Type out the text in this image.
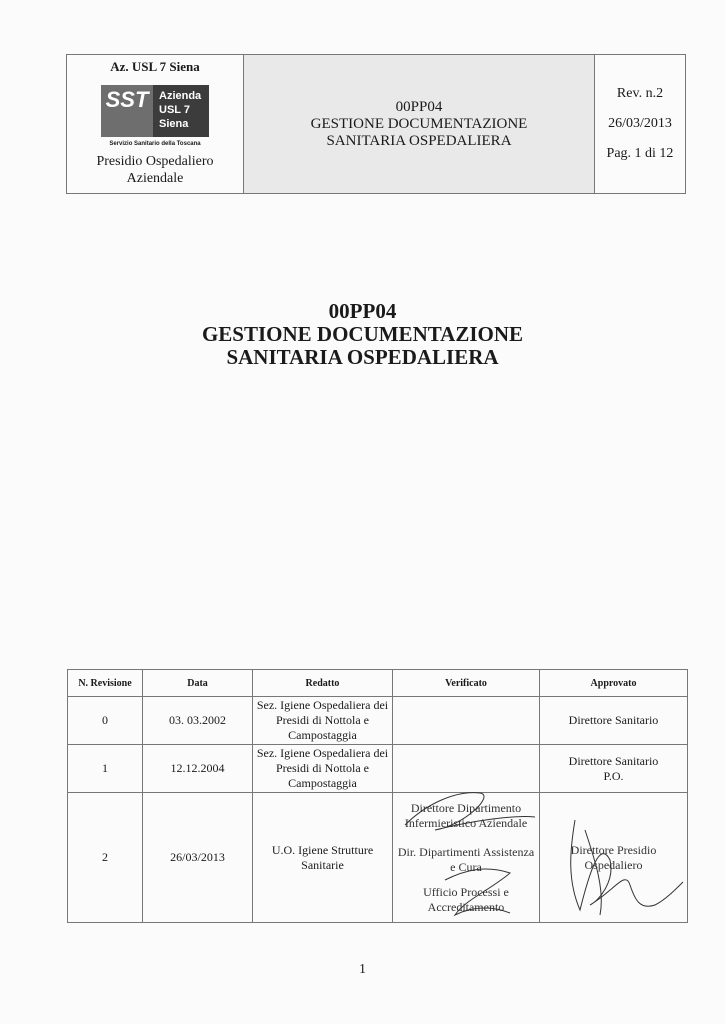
Az. USL 7 Siena
SST Azienda
USL 7
Siena
Servizio Sanitario della Toscana
Presidio Ospedaliero
Aziendale
00PP04
GESTIONE DOCUMENTAZIONE
SANITARIA OSPEDALIERA
Rev. n.2
26/03/2013
Pag. 1 di 12
00PP04
GESTIONE DOCUMENTAZIONE
SANITARIA OSPEDALIERA
N. Revisione	Data	Redatto	Verificato	Approvato
0	03. 03.2002	Sez. Igiene Ospedaliera dei Presidi di Nottola e Campostaggia		Direttore Sanitario
1	12.12.2004	Sez. Igiene Ospedaliera dei Presidi di Nottola e Campostaggia		Direttore Sanitario
P.O.

2	26/03/2013	U.O. Igiene Strutture Sanitarie	Direttore Dipartimento Infermieristico Aziendale
Dir. Dipartimenti Assistenza e Cura
Ufficio Processi e Accreditamento	Direttore Presidio Ospedaliero
1
